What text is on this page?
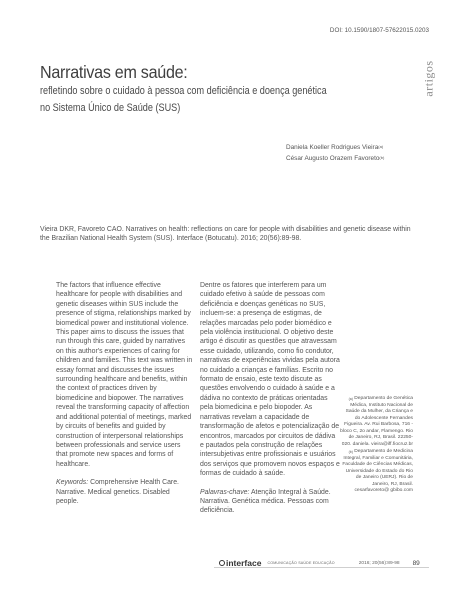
DOI: 10.1590/1807-57622015.0203
artigos
Narrativas em saúde:
refletindo sobre o cuidado à pessoa com deficiência e doença genética
no Sistema Único de Saúde (SUS)
Daniela Koeller Rodrigues Vieira$^{(a)}$
César Augusto Orazem Favoreto$^{(b)}$
Vieira DKR, Favoreto CAO. Narratives on health: reflections on care for people with disabilities and genetic disease within the Brazilian National Health System (SUS). Interface (Botucatu). 2016; 20(56):89-98.

The factors that influence effective healthcare for people with disabilities and genetic diseases within SUS include the presence of stigma, relationships marked by biomedical power and institutional violence. This paper aims to discuss the issues that run through this care, guided by narratives on this author's experiences of caring for children and families. This text was written in essay format and discusses the issues surrounding healthcare and benefits, within the context of practices driven by biomedicine and biopower. The narratives reveal the transforming capacity of affection and additional potential of meetings, marked by circuits of benefits and guided by construction of interpersonal relationships between professionals and service users that promote new spaces and forms of healthcare.

Keywords: Comprehensive Health Care. Narrative. Medical genetics. Disabled people.

Dentre os fatores que interferem para um cuidado efetivo à saúde de pessoas com deficiência e doenças genéticas no SUS, incluem-se: a presença de estigmas, de relações marcadas pelo poder biomédico e pela violência institucional. O objetivo deste artigo é discutir as questões que atravessam esse cuidado, utilizando, como fio condutor, narrativas de experiências vividas pela autora no cuidado a crianças e famílias. Escrito no formato de ensaio, este texto discute as questões envolvendo o cuidado à saúde e a dádiva no contexto de práticas orientadas pela biomedicina e pelo biopoder. As narrativas revelam a capacidade de transformação de afetos e potencialização de encontros, marcados por circuitos de dádiva e pautados pela construção de relações intersubjetivas entre profissionais e usuários dos serviços que promovem novos espaços e formas de cuidado à saúde.

Palavras-chave: Atenção Integral à Saúde. Narrativa. Genética médica. Pessoas com deficiência.

$^{(a)}$ Departamento de Genética Médica, Instituto Nacional de Saúde da Mulher, da Criança e do Adolescente Fernandes Figueira. Av. Rui Barbosa, 716 - bloco C, 2o andar, Flamengo. Rio de Janeiro, RJ, Brasil. 22250-020. daniela. vieira@iff.fiocruz.br

$^{(b)}$ Departamento de Medicina Integral, Familiar e Comunitária, Faculdade de Ciências Médicas, Universidade do Estado do Rio de Janeiro (UERJ). Rio de Janeiro, RJ, Brasil. cesarfavoreto@ gbibo.com

interface COMUNICAÇÃO SAÚDE EDUCAÇÃO	2016; 20(56):89-98 89
